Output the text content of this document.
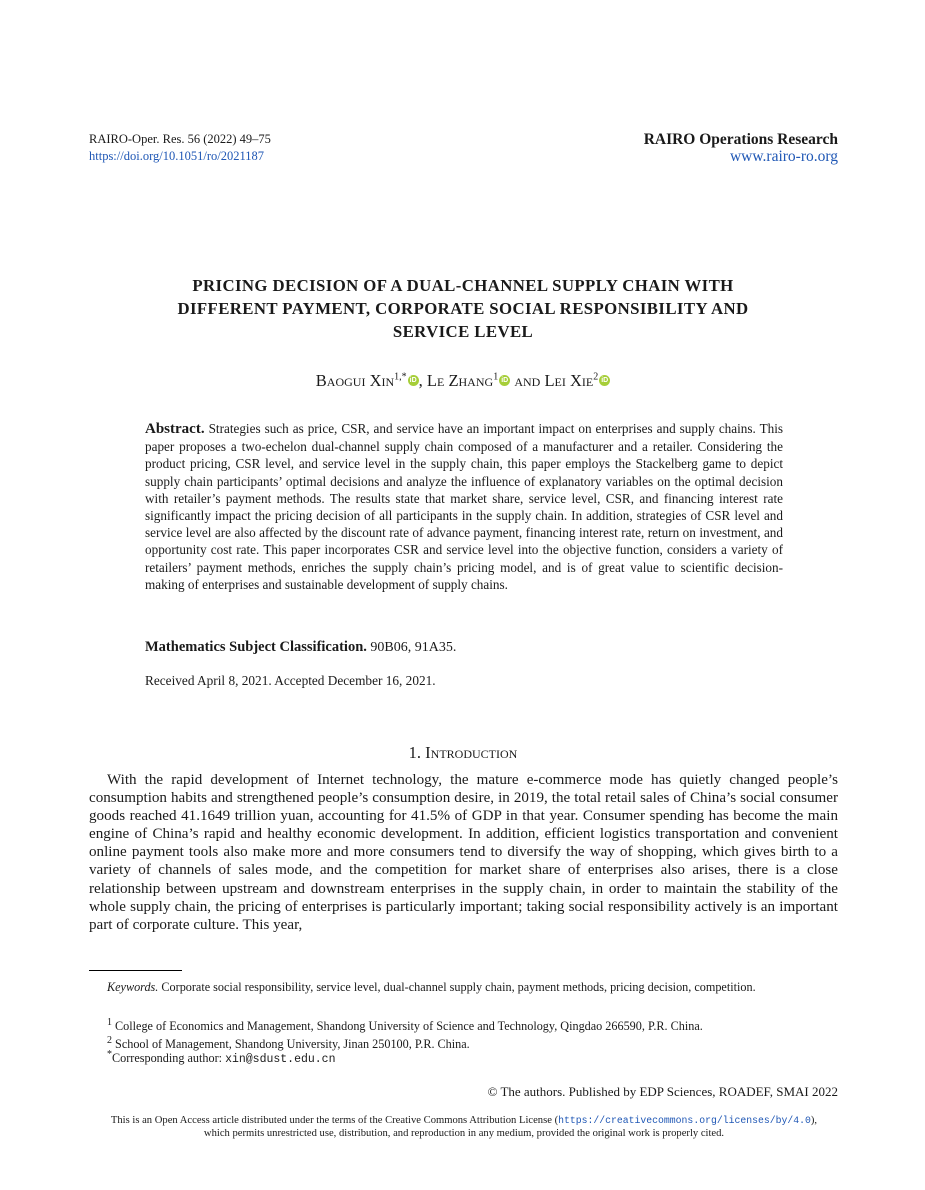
RAIRO-Oper. Res. 56 (2022) 49–75
https://doi.org/10.1051/ro/2021187
RAIRO Operations Research
www.rairo-ro.org
PRICING DECISION OF A DUAL-CHANNEL SUPPLY CHAIN WITH
DIFFERENT PAYMENT, CORPORATE SOCIAL RESPONSIBILITY AND
SERVICE LEVEL
Baogui Xin$^{1,*}$ iD , Le Zhang$^1$ iD and Lei Xie$^2$ iD
Abstract. Strategies such as price, CSR, and service have an important impact on enterprises and supply chains. This paper proposes a two-echelon dual-channel supply chain composed of a manufacturer and a retailer. Considering the product pricing, CSR level, and service level in the supply chain, this paper employs the Stackelberg game to depict supply chain participants’ optimal decisions and analyze the influence of explanatory variables on the optimal decision with retailer’s payment methods. The results state that market share, service level, CSR, and financing interest rate significantly impact the pricing decision of all participants in the supply chain. In addition, strategies of CSR level and service level are also affected by the discount rate of advance payment, financing interest rate, return on investment, and opportunity cost rate. This paper incorporates CSR and service level into the objective function, considers a variety of retailers’ payment methods, enriches the supply chain’s pricing model, and is of great value to scientific decision-making of enterprises and sustainable development of supply chains.
Mathematics Subject Classification. 90B06, 91A35.
Received April 8, 2021. Accepted December 16, 2021.
1. Introduction
With the rapid development of Internet technology, the mature e-commerce mode has quietly changed people’s consumption habits and strengthened people’s consumption desire, in 2019, the total retail sales of China’s social consumer goods reached 41.1649 trillion yuan, accounting for 41.5% of GDP in that year. Consumer spending has become the main engine of China’s rapid and healthy economic development. In addition, efficient logistics transportation and convenient online payment tools also make more and more consumers tend to diversify the way of shopping, which gives birth to a variety of channels of sales mode, and the competition for market share of enterprises also arises, there is a close relationship between upstream and downstream enterprises in the supply chain, in order to maintain the stability of the whole supply chain, the pricing of enterprises is particularly important; taking social responsibility actively is an important part of corporate culture. This year,
Keywords. Corporate social responsibility, service level, dual-channel supply chain, payment methods, pricing decision, competition.
$^1$ College of Economics and Management, Shandong University of Science and Technology, Qingdao 266590, P.R. China.
$^2$ School of Management, Shandong University, Jinan 250100, P.R. China.
*Corresponding author: xin@sdust.edu.cn
© The authors. Published by EDP Sciences, ROADEF, SMAI 2022
This is an Open Access article distributed under the terms of the Creative Commons Attribution License (https://creativecommons.org/licenses/by/4.0),
which permits unrestricted use, distribution, and reproduction in any medium, provided the original work is properly cited.
